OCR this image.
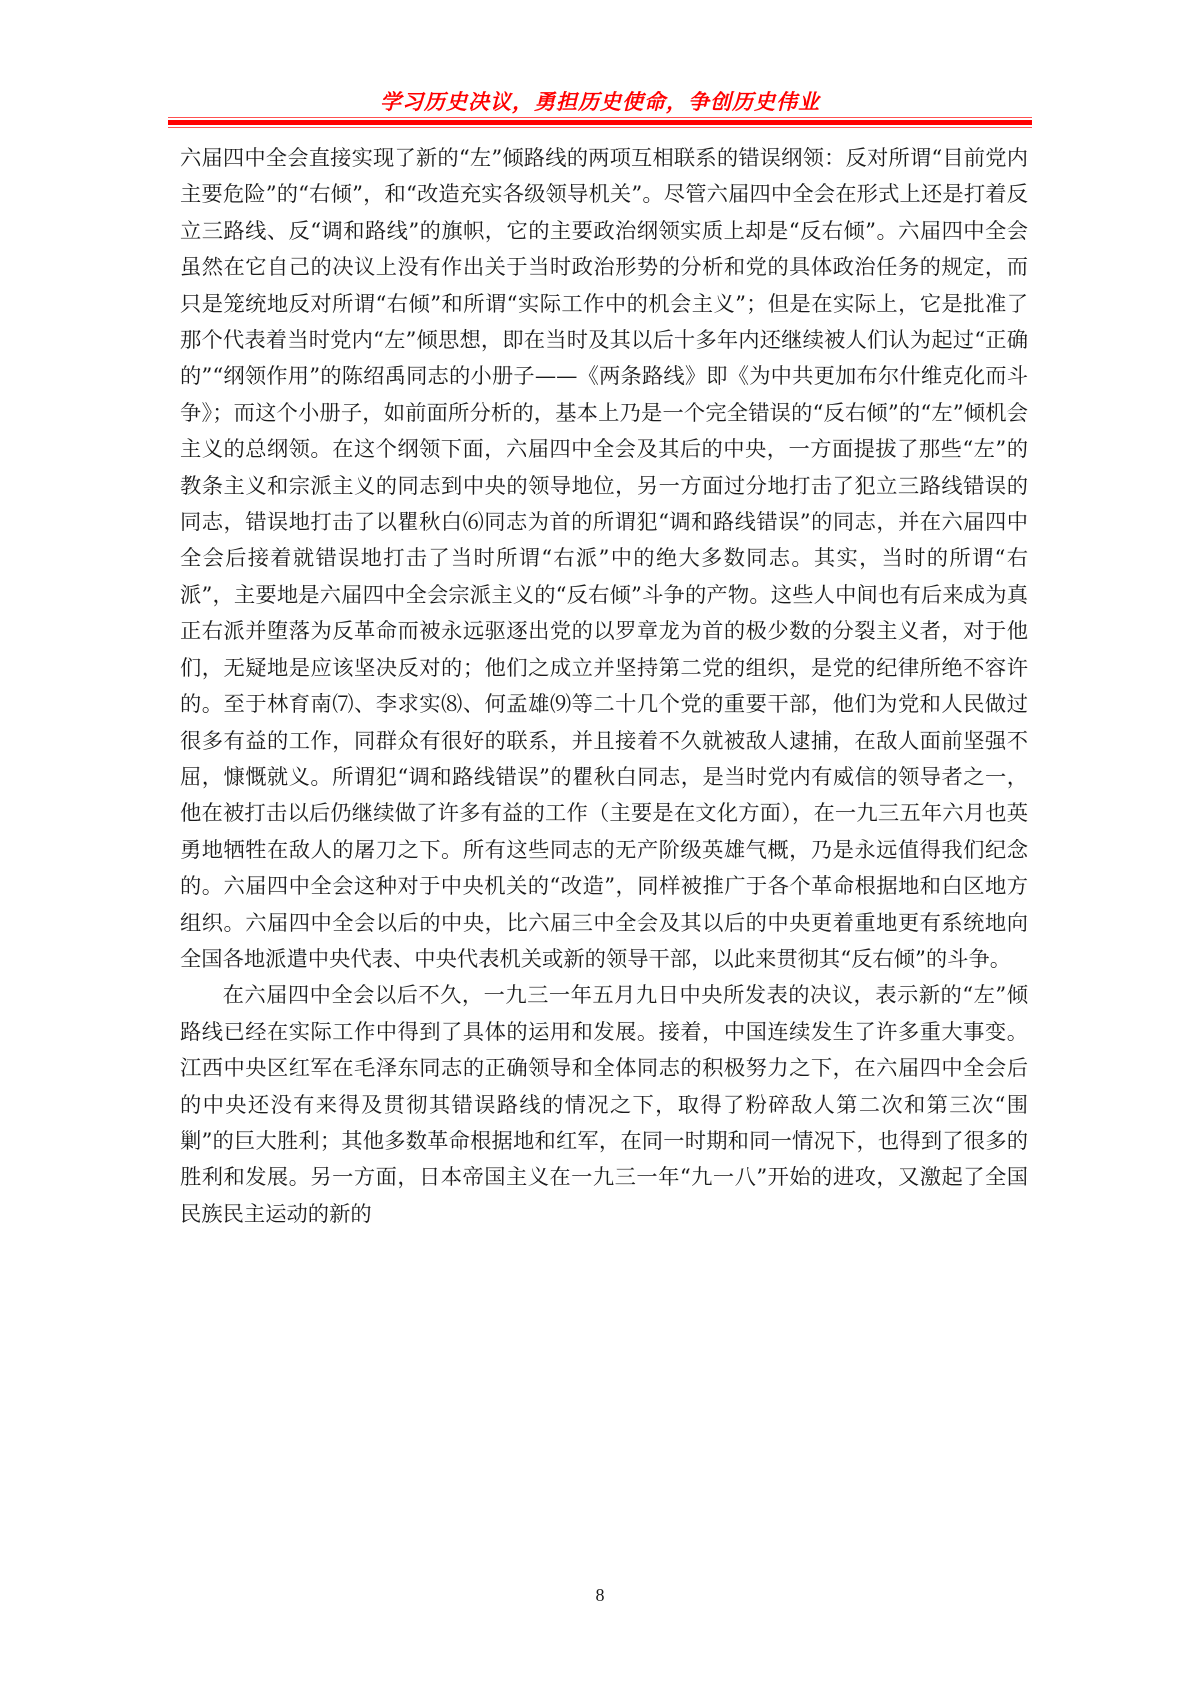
学习历史决议，勇担历史使命，争创历史伟业

六届四中全会直接实现了新的“左”倾路线的两项互相联系的错误纲领：反对所谓“目前党内主要危险”的“右倾”，和“改造充实各级领导机关”。尽管六届四中全会在形式上还是打着反立三路线、反“调和路线”的旗帜，它的主要政治纲领实质上却是“反右倾”。六届四中全会虽然在它自己的决议上没有作出关于当时政治形势的分析和党的具体政治任务的规定，而只是笼统地反对所谓“右倾”和所谓“实际工作中的机会主义”；但是在实际上，它是批准了那个代表着当时党内“左”倾思想，即在当时及其以后十多年内还继续被人们认为起过“正确的”“纲领作用”的陈绍禹同志的小册子——《两条路线》即《为中共更加布尔什维克化而斗争》；而这个小册子，如前面所分析的，基本上乃是一个完全错误的“反右倾”的“左”倾机会主义的总纲领。在这个纲领下面，六届四中全会及其后的中央，一方面提拔了那些“左”的教条主义和宗派主义的同志到中央的领导地位，另一方面过分地打击了犯立三路线错误的同志，错误地打击了以瞿秋白⑹同志为首的所谓犯“调和路线错误”的同志，并在六届四中全会后接着就错误地打击了当时所谓“右派”中的绝大多数同志。其实，当时的所谓“右派”，主要地是六届四中全会宗派主义的“反右倾”斗争的产物。这些人中间也有后来成为真正右派并堕落为反革命而被永远驱逐出党的以罗章龙为首的极少数的分裂主义者，对于他们，无疑地是应该坚决反对的；他们之成立并坚持第二党的组织，是党的纪律所绝不容许的。至于林育南⑺、李求实⑻、何孟雄⑼等二十几个党的重要干部，他们为党和人民做过很多有益的工作，同群众有很好的联系，并且接着不久就被敌人逮捕，在敌人面前坚强不屈，慷慨就义。所谓犯“调和路线错误”的瞿秋白同志，是当时党内有威信的领导者之一，他在被打击以后仍继续做了许多有益的工作（主要是在文化方面），在一九三五年六月也英勇地牺牲在敌人的屠刀之下。所有这些同志的无产阶级英雄气概，乃是永远值得我们纪念的。六届四中全会这种对于中央机关的“改造”，同样被推广于各个革命根据地和白区地方组织。六届四中全会以后的中央，比六届三中全会及其以后的中央更着重地更有系统地向全国各地派遣中央代表、中央代表机关或新的领导干部，以此来贯彻其“反右倾”的斗争。

在六届四中全会以后不久，一九三一年五月九日中央所发表的决议，表示新的“左”倾路线已经在实际工作中得到了具体的运用和发展。接着，中国连续发生了许多重大事变。江西中央区红军在毛泽东同志的正确领导和全体同志的积极努力之下，在六届四中全会后的中央还没有来得及贯彻其错误路线的情况之下，取得了粉碎敌人第二次和第三次“围剿”的巨大胜利；其他多数革命根据地和红军，在同一时期和同一情况下，也得到了很多的胜利和发展。另一方面，日本帝国主义在一九三一年“九一八”开始的进攻，又激起了全国民族民主运动的新的

8
